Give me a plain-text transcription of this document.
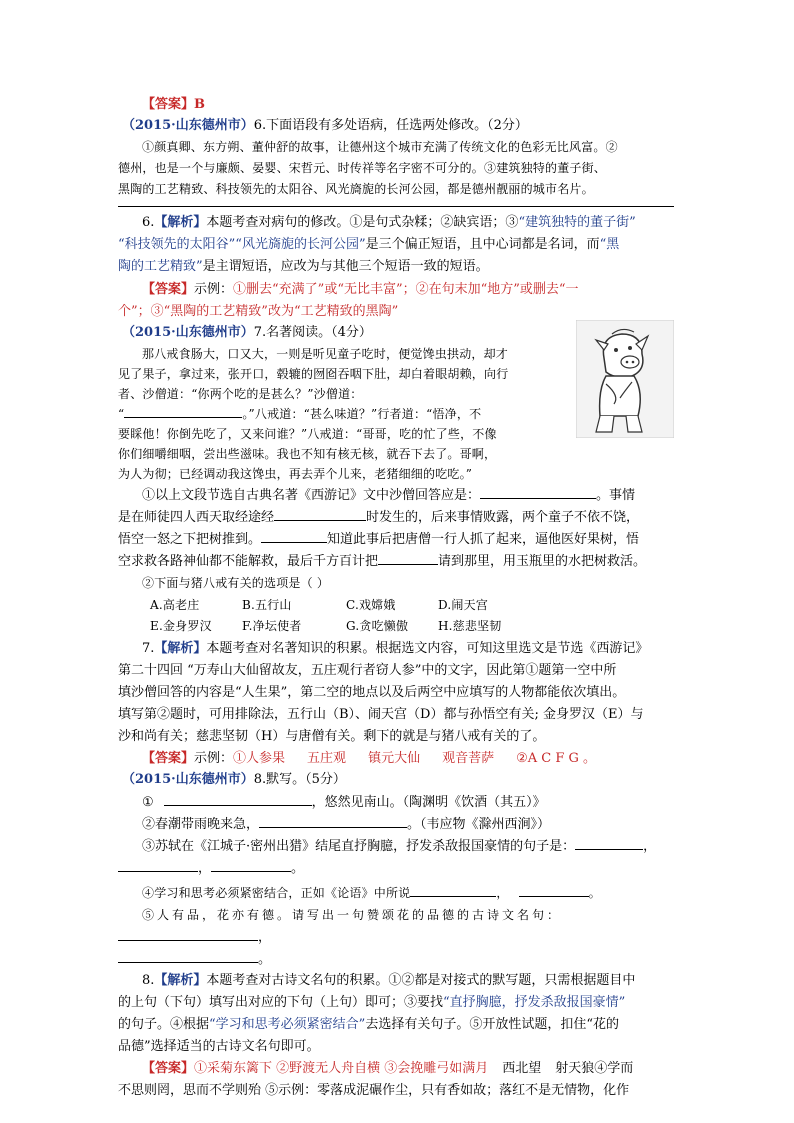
【答案】B
（2015·山东德州市）6.下面语段有多处语病，任选两处修改。（2分）
①颜真卿、东方朔、董仲舒的故事，让德州这个城市充满了传统文化的色彩无比风富。②
德州，也是一个与廉颇、晏婴、宋哲元、时传祥等名字密不可分的。③建筑独特的董子街、
黑陶的工艺精致、科技领先的太阳谷、风光旖旎的长河公园，都是德州靓丽的城市名片。
6.【解析】本题考查对病句的修改。①是句式杂糅；②缺宾语；③“建筑独特的董子街”
“科技领先的太阳谷”“风光旖旎的长河公园”是三个偏正短语，且中心词都是名词，而“黑
陶的工艺精致”是主谓短语，应改为与其他三个短语一致的短语。
【答案】示例：①删去“充满了”或“无比丰富”；②在句末加“地方”或删去“一
个”；③“黑陶的工艺精致”改为“工艺精致的黑陶”
（2015·山东德州市）7.名著阅读。（4分）
那八戒食肠大，口又大，一则是听见童子吃时，便觉馋虫拱动，却才
见了果子，拿过来，张开口，毂辘的囫囵吞咽下肚，却白着眼胡赖，向行
者、沙僧道：“你两个吃的是甚么？”沙僧道：
“	。”八戒道：“甚么味道？”行者道：“悟净，不
要睬他！你倒先吃了，又来问谁？”八戒道：“哥哥，吃的忙了些，不像
你们细嚼细咽，尝出些滋味。我也不知有核无核，就吞下去了。哥啊，
为人为彻；已经调动我这馋虫，再去弄个儿来，老猪细细的吃吃。”
①以上文段节选自古典名著《西游记》文中沙僧回答应是：	。事情
是在师徒四人西天取经途经	时发生的，后来事情败露，两个童子不依不饶，
悟空一怒之下把树推到。	知道此事后把唐僧一行人抓了起来，逼他医好果树，悟
空求救各路神仙都不能解救，最后千方百计把	请到那里，用玉瓶里的水把树救活。
②下面与猪八戒有关的选项是（ ）
A.高老庄	B.五行山	C.戏嫦娥	D.闹天宫
E.金身罗汉	F.净坛使者	G.贪吃懒傲 H.慈悲坚韧
7.【解析】本题考查对名著知识的积累。根据选文内容，可知这里选文是节选《西游记》
第二十四回 “万寿山大仙留故友，五庄观行者窃人参”中的文字，因此第①题第一空中所
填沙僧回答的内容是“人生果”，第二空的地点以及后两空中应填写的人物都能依次填出。
填写第②题时，可用排除法，五行山（B）、闹天宫（D）都与孙悟空有关; 金身罗汉（E）与
沙和尚有关；慈悲坚韧（H）与唐僧有关。剩下的就是与猪八戒有关的了。
【答案】示例：①人参果 五庄观 镇元大仙 观音菩萨 ②A C F G 。
（2015·山东德州市）8.默写。（5分）
①	，悠然见南山。（陶渊明《饮酒（其五）》
②春潮带雨晚来急，	。（韦应物《滁州西涧》）
③苏轼在《江城子·密州出猎》结尾直抒胸臆，抒发杀敌报国豪情的句子是：	，
，	。
④学习和思考必须紧密结合，正如《论语》中所说	，	。
⑤人有品，花亦有德。请写出一句赞颂花的品德的古诗文名句：
，
。
8.【解析】本题考查对古诗文名句的积累。①②都是对接式的默写题，只需根据题目中
的上句（下句）填写出对应的下句（上句）即可；③要找“直抒胸臆，抒发杀敌报国豪情”
的句子。④根据“学习和思考必须紧密结合”去选择有关句子。⑤开放性试题，扣住“花的
品德”选择适当的古诗文名句即可。
【答案】①采菊东篱下 ②野渡无人舟自横 ③会挽雕弓如满月 西北望 射天狼④学而
不思则罔，思而不学则殆 ⑤示例：零落成泥碾作尘，只有香如故；落红不是无情物，化作
